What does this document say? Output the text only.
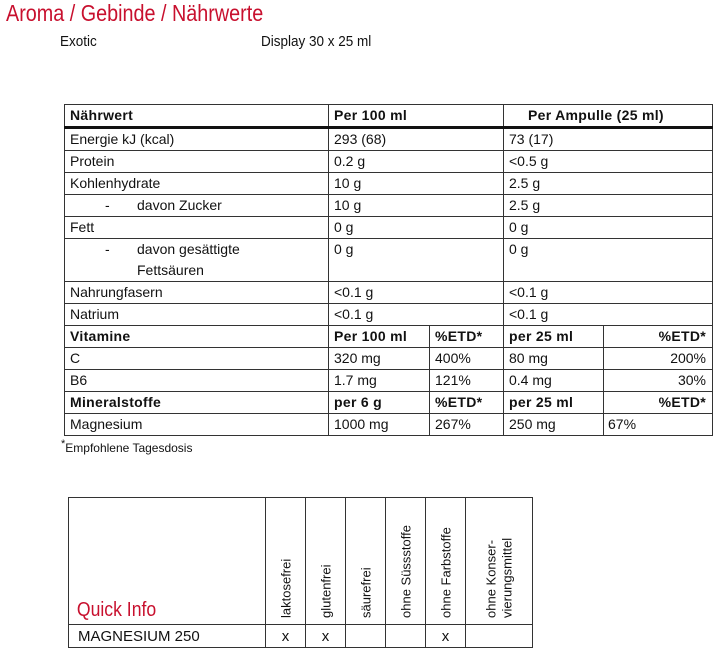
Aroma / Gebinde / Nährwerte
Exotic	Display 30 x 25 ml
Nährwert	Per 100 ml		Per Ampulle (25 ml)	
Energie kJ (kcal)	293 (68)		73 (17)	
Protein	0.2 g		<0.5 g	
Kohlenhydrate	10 g		2.5 g	
- davon Zucker	10 g		2.5 g	
Fett	0 g		0 g	
- davon gesättigte
Fettsäuren	0 g		0 g	
Nahrungfasern	<0.1 g		<0.1 g	
Natrium	<0.1 g		<0.1 g	
Vitamine	Per 100 ml	%ETD*	per 25 ml	%ETD*
C	320 mg	400%	80 mg	200%
B6	1.7 mg	121%	0.4 mg	30%
Mineralstoffe	per 6 g	%ETD*	per 25 ml	%ETD*
Magnesium	1000 mg	267%	250 mg	67%
*Empfohlene Tagesdosis
Quick Info	laktosefrei	glutenfrei	säurefrei	ohne Süssstoffe	ohne Farbstoffe	ohne Konser- vierungsmittel

MAGNESIUM 250	x	x			x	
